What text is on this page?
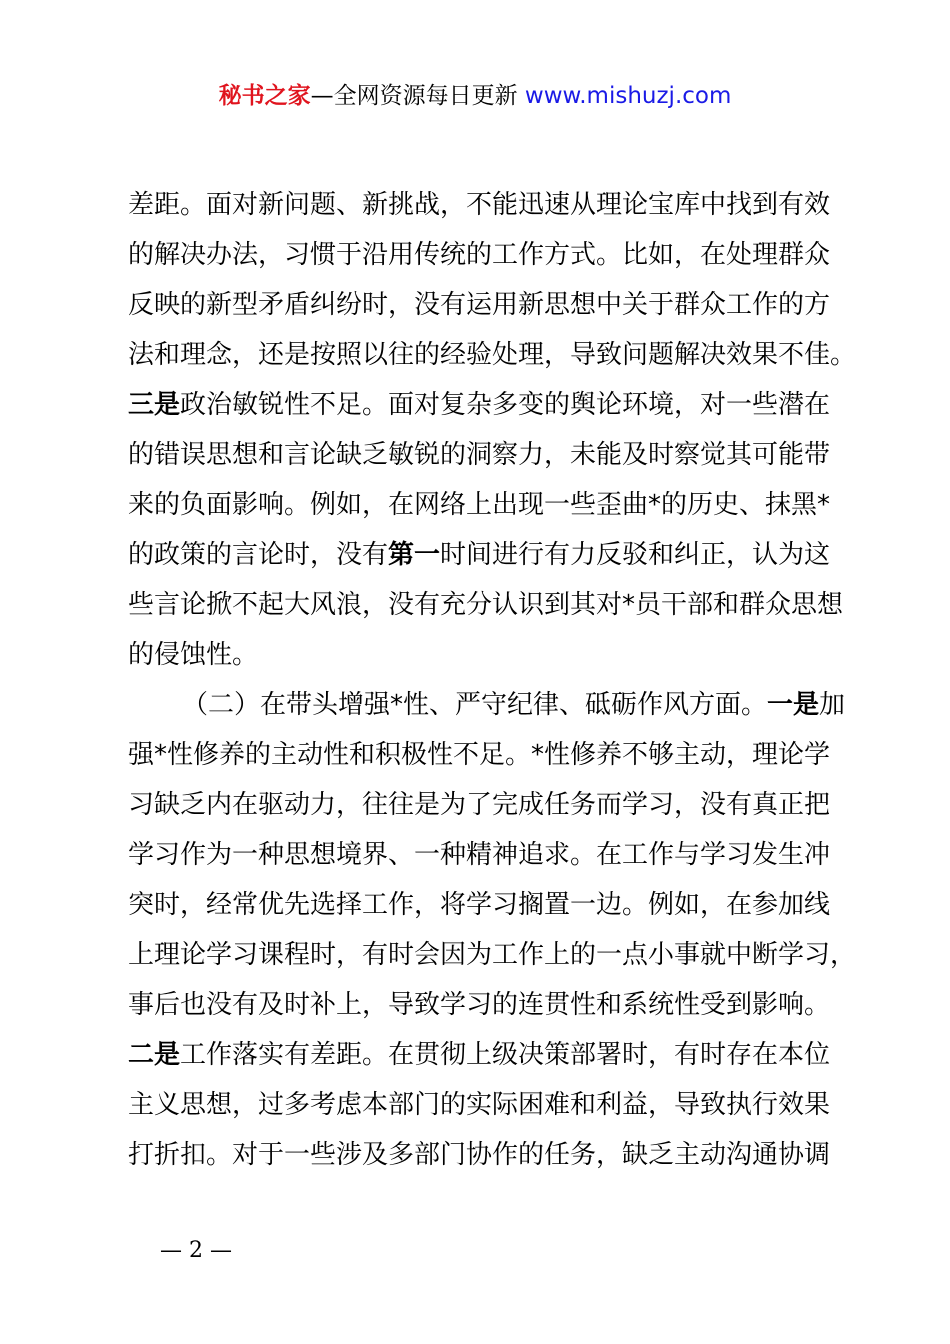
秘书之家—全网资源每日更新 www.mishuzj.com
差距。面对新问题、新挑战，不能迅速从理论宝库中找到有效
的解决办法，习惯于沿用传统的工作方式。比如，在处理群众
反映的新型矛盾纠纷时，没有运用新思想中关于群众工作的方
法和理念，还是按照以往的经验处理，导致问题解决效果不佳。
三是政治敏锐性不足。面对复杂多变的舆论环境，对一些潜在
的错误思想和言论缺乏敏锐的洞察力，未能及时察觉其可能带
来的负面影响。例如，在网络上出现一些歪曲*的历史、抹黑*
的政策的言论时，没有第一时间进行有力反驳和纠正，认为这
些言论掀不起大风浪，没有充分认识到其对*员干部和群众思想
的侵蚀性。
（二）在带头增强*性、严守纪律、砥砺作风方面。一是加
强*性修养的主动性和积极性不足。*性修养不够主动，理论学
习缺乏内在驱动力，往往是为了完成任务而学习，没有真正把
学习作为一种思想境界、一种精神追求。在工作与学习发生冲
突时，经常优先选择工作，将学习搁置一边。例如，在参加线
上理论学习课程时，有时会因为工作上的一点小事就中断学习，
事后也没有及时补上，导致学习的连贯性和系统性受到影响。
二是工作落实有差距。在贯彻上级决策部署时，有时存在本位
主义思想，过多考虑本部门的实际困难和利益，导致执行效果
打折扣。对于一些涉及多部门协作的任务，缺乏主动沟通协调
— 2 —
